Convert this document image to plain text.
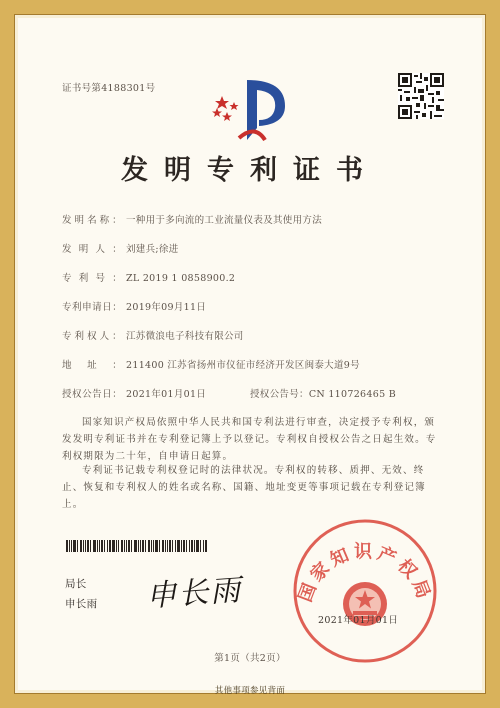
证书号第4188301号
发明专利证书
发明名称： 一种用于多向流的工业流量仪表及其使用方法
发明人： 刘建兵;徐进
专利号： ZL 2019 1 0858900.2
专利申请日： 2019年09月11日
专利权人： 江苏微浪电子科技有限公司
地址： 211400 江苏省扬州市仪征市经济开发区闽泰大道9号
授权公告日： 2021年01月01日	授权公告号：CN 110726465 B
国家知识产权局依照中华人民共和国专利法进行审查，决定授予专利权，颁发发明专利证书并在专利登记簿上予以登记。专利权自授权公告之日起生效。专利权期限为二十年，自申请日起算。
专利证书记载专利权登记时的法律状况。专利权的转移、质押、无效、终止、恢复和专利权人的姓名或名称、国籍、地址变更等事项记载在专利登记簿上。
局长
申长雨 申长雨	国家知识产权局
2021年01月01日
第1页（共2页）
其他事项参见背面
